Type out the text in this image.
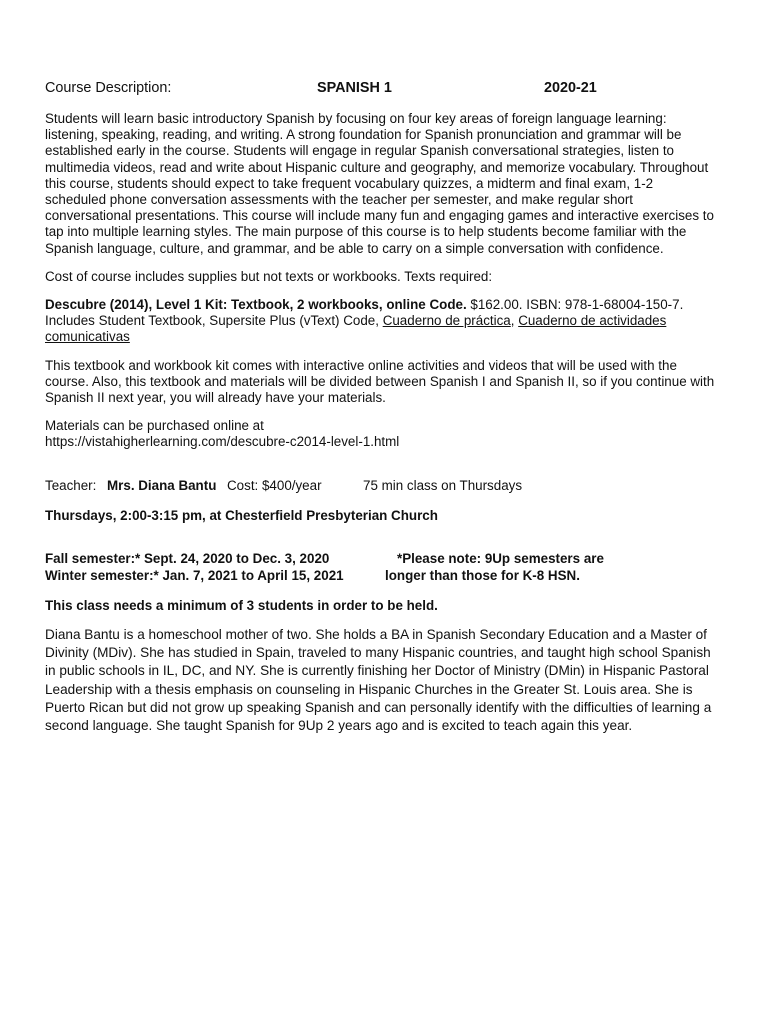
Course Description:	SPANISH 1	2020-21

Students will learn basic introductory Spanish by focusing on four key areas of foreign language learning: listening, speaking, reading, and writing. A strong foundation for Spanish pronunciation and grammar will be established early in the course. Students will engage in regular Spanish conversational strategies, listen to multimedia videos, read and write about Hispanic culture and geography, and memorize vocabulary. Throughout this course, students should expect to take frequent vocabulary quizzes, a midterm and final exam, 1-2 scheduled phone conversation assessments with the teacher per semester, and make regular short conversational presentations. This course will include many fun and engaging games and interactive exercises to tap into multiple learning styles. The main purpose of this course is to help students become familiar with the Spanish language, culture, and grammar, and be able to carry on a simple conversation with confidence.

Cost of course includes supplies but not texts or workbooks. Texts required:

Descubre (2014), Level 1 Kit: Textbook, 2 workbooks, online Code. $162.00. ISBN: 978-1-68004-150-7. Includes Student Textbook, Supersite Plus (vText) Code, Cuaderno de práctica, Cuaderno de actividades comunicativas

This textbook and workbook kit comes with interactive online activities and videos that will be used with the course. Also, this textbook and materials will be divided between Spanish I and Spanish II, so if you continue with Spanish II next year, you will already have your materials.

Materials can be purchased online at
https://vistahigherlearning.com/descubre-c2014-level-1.html

Teacher: Mrs. Diana Bantu Cost: $400/year	75 min class on Thursdays

Thursdays, 2:00-3:15 pm, at Chesterfield Presbyterian Church

Fall semester:* Sept. 24, 2020 to Dec. 3, 2020
Winter semester:* Jan. 7, 2021 to April 15, 2021
*Please note: 9Up semesters are
longer than those for K-8 HSN.

This class needs a minimum of 3 students in order to be held.

Diana Bantu is a homeschool mother of two. She holds a BA in Spanish Secondary Education and a Master of Divinity (MDiv). She has studied in Spain, traveled to many Hispanic countries, and taught high school Spanish in public schools in IL, DC, and NY. She is currently finishing her Doctor of Ministry (DMin) in Hispanic Pastoral Leadership with a thesis emphasis on counseling in Hispanic Churches in the Greater St. Louis area. She is Puerto Rican but did not grow up speaking Spanish and can personally identify with the difficulties of learning a second language. She taught Spanish for 9Up 2 years ago and is excited to teach again this year.
